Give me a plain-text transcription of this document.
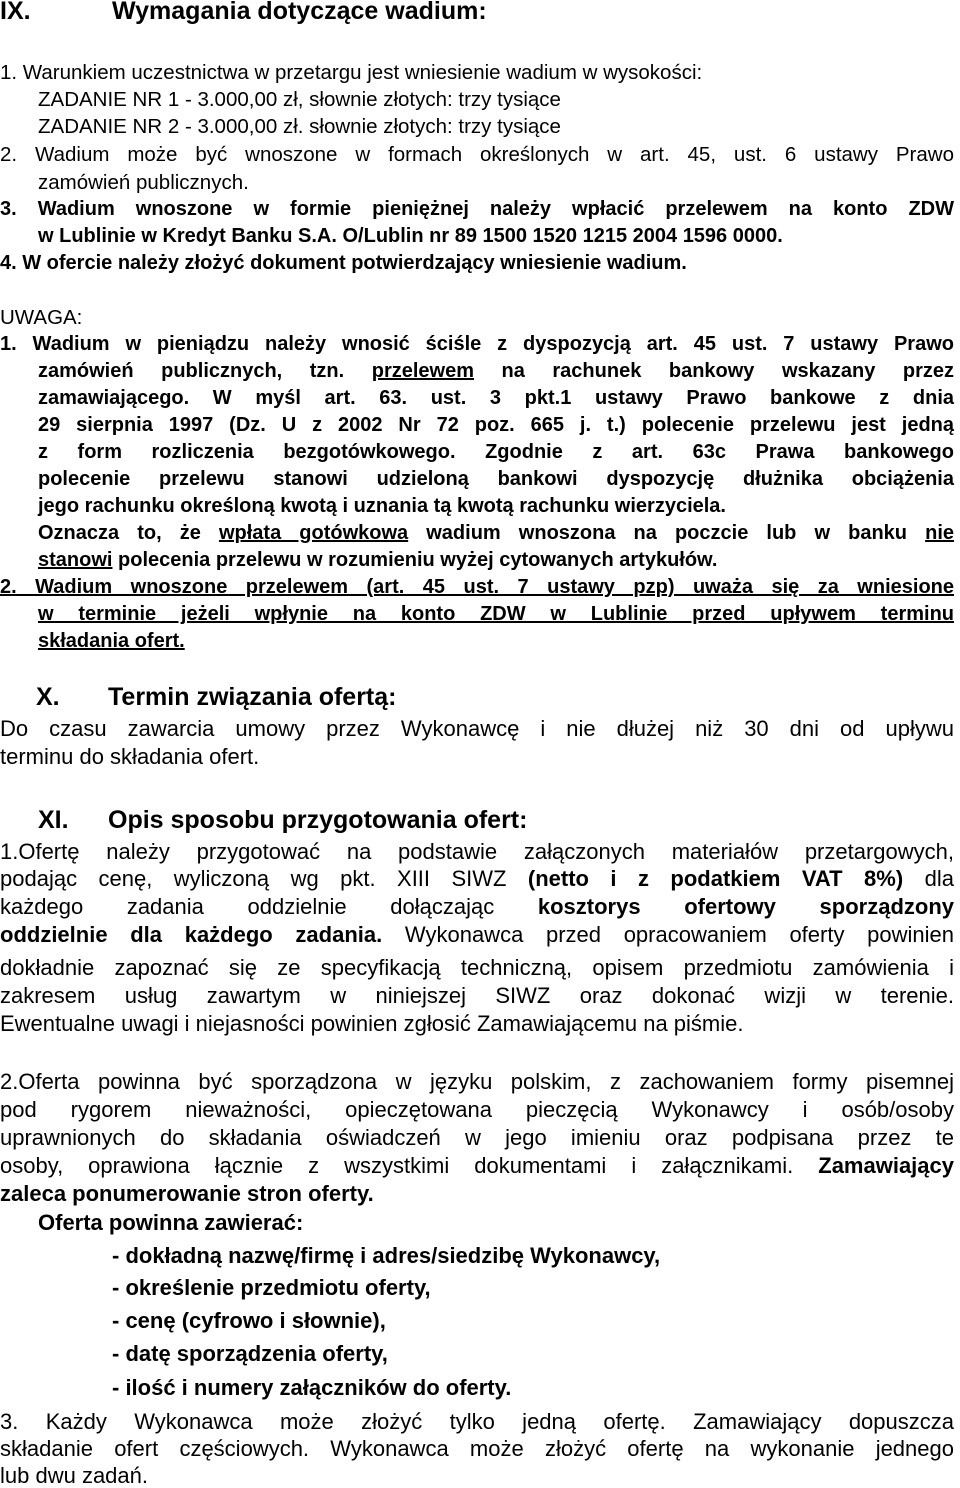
IX.	Wymagania dotyczące wadium:
1. Warunkiem uczestnictwa w przetargu jest wniesienie wadium w wysokości:
ZADANIE NR 1 - 3.000,00 zł, słownie złotych: trzy tysiące
ZADANIE NR 2 - 3.000,00 zł. słownie złotych: trzy tysiące
2. Wadium może być wnoszone w formach określonych w art. 45, ust. 6 ustawy Prawo
zamówień publicznych.
3. Wadium wnoszone w formie pieniężnej należy wpłacić przelewem na konto ZDW
w Lublinie w Kredyt Banku S.A. O/Lublin nr 89 1500 1520 1215 2004 1596 0000.
4. W ofercie należy złożyć dokument potwierdzający wniesienie wadium.
UWAGA:
1. Wadium w pieniądzu należy wnosić ściśle z dyspozycją art. 45 ust. 7 ustawy Prawo
zamówień publicznych, tzn. przelewem na rachunek bankowy wskazany przez
zamawiającego. W myśl art. 63. ust. 3 pkt.1 ustawy Prawo bankowe z dnia
29 sierpnia 1997 (Dz. U z 2002 Nr 72 poz. 665 j. t.) polecenie przelewu jest jedną
z form rozliczenia bezgotówkowego. Zgodnie z art. 63c Prawa bankowego
polecenie przelewu stanowi udzieloną bankowi dyspozycję dłużnika obciążenia
jego rachunku określoną kwotą i uznania tą kwotą rachunku wierzyciela.
Oznacza to, że wpłata gotówkowa wadium wnoszona na poczcie lub w banku nie
stanowi polecenia przelewu w rozumieniu wyżej cytowanych artykułów.
2. Wadium wnoszone przelewem (art. 45 ust. 7 ustawy pzp) uważa się za wniesione
w terminie jeżeli wpłynie na konto ZDW w Lublinie przed upływem terminu
składania ofert.
X. Termin związania ofertą:
Do czasu zawarcia umowy przez Wykonawcę i nie dłużej niż 30 dni od upływu
terminu do składania ofert.
XI. Opis sposobu przygotowania ofert:
1.Ofertę należy przygotować na podstawie załączonych materiałów przetargowych,
podając cenę, wyliczoną wg pkt. XIII SIWZ (netto i z podatkiem VAT 8%) dla
każdego zadania oddzielnie dołączając kosztorys ofertowy sporządzony
oddzielnie dla każdego zadania. Wykonawca przed opracowaniem oferty powinien
dokładnie zapoznać się ze specyfikacją techniczną, opisem przedmiotu zamówienia i
zakresem usług zawartym w niniejszej SIWZ oraz dokonać wizji w terenie.
Ewentualne uwagi i niejasności powinien zgłosić Zamawiającemu na piśmie.
2.Oferta powinna być sporządzona w języku polskim, z zachowaniem formy pisemnej
pod rygorem nieważności, opieczętowana pieczęcią Wykonawcy i osób/osoby
uprawnionych do składania oświadczeń w jego imieniu oraz podpisana przez te
osoby, oprawiona łącznie z wszystkimi dokumentami i załącznikami. Zamawiający
zaleca ponumerowanie stron oferty.
Oferta powinna zawierać:
- dokładną nazwę/firmę i adres/siedzibę Wykonawcy,
- określenie przedmiotu oferty,
- cenę (cyfrowo i słownie),
- datę sporządzenia oferty,
- ilość i numery załączników do oferty.
3. Każdy Wykonawca może złożyć tylko jedną ofertę. Zamawiający dopuszcza
składanie ofert częściowych. Wykonawca może złożyć ofertę na wykonanie jednego
lub dwu zadań.
